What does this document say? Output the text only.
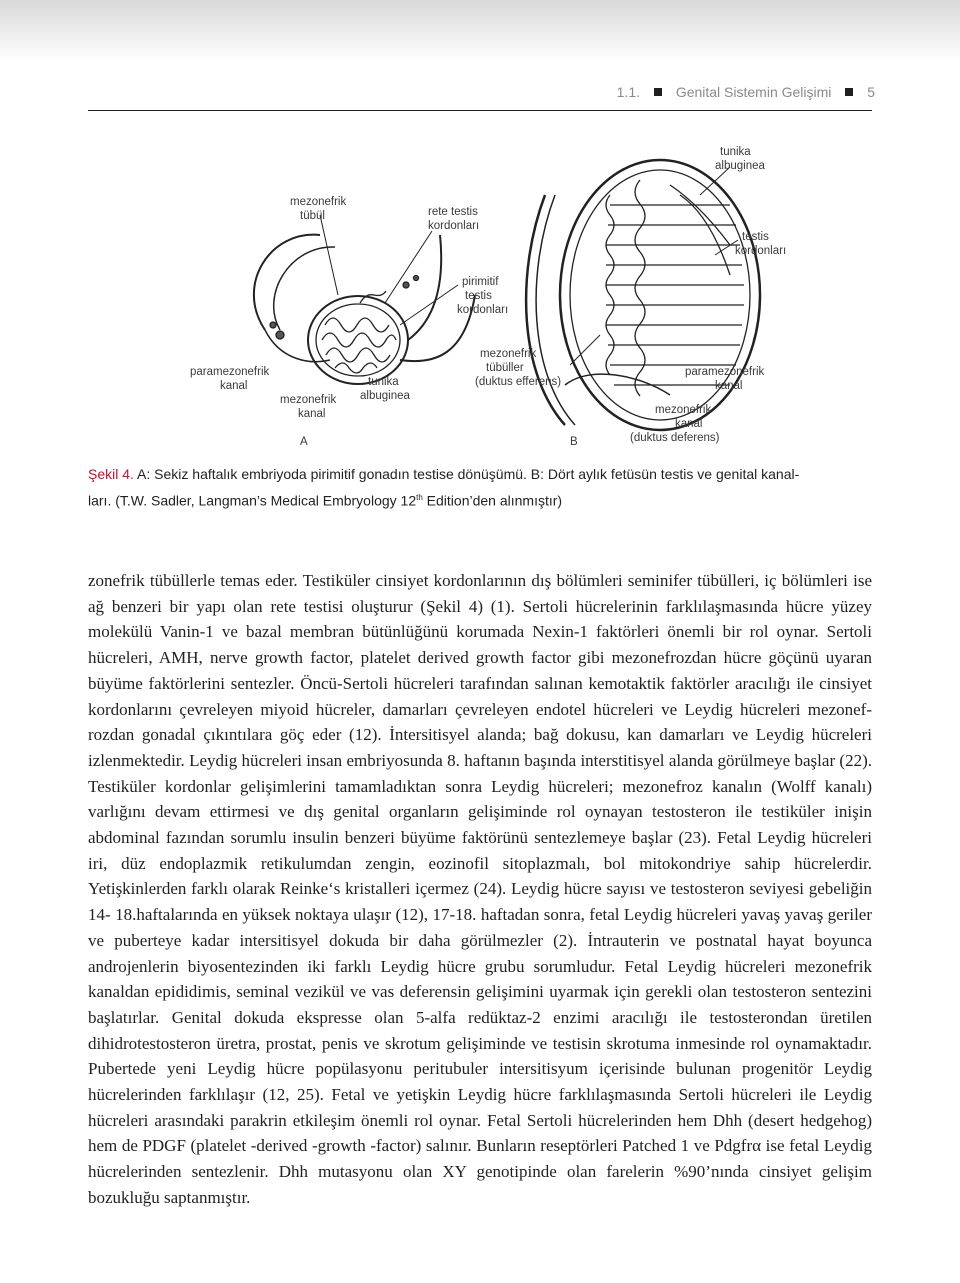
1.1.	Genital Sistemin Gelişimi	5
mezonefrik tübül	rete testis kordonları
pirimitif testis kordonları
paramezonefrik kanal	tunika albuginea
mezonefrik kanal
A
tunika albuginea
testis kordonları
mezonefrik tübüller (duktus efferens)
paramezonefrik kanal
mezonefrik kanal (duktus deferens)
B
Şekil 4. A: Sekiz haftalık embriyoda pirimitif gonadın testise dönüşümü. B: Dört aylık fetüsün testis ve genital kanal-
ları. (T.W. Sadler, Langman’s Medical Embryology 12th Edition’den alınmıştır)

zonefrik tübüllerle temas eder. Testiküler cinsiyet kordonlarının dış bölümleri seminifer tübülleri, iç bölümleri ise ağ benzeri bir yapı olan rete testisi oluşturur (Şekil 4) (1). Sertoli hücrelerinin farklılaşmasında hücre yüzey molekülü Vanin-1 ve bazal membran bütünlüğünü korumada Nexin-1 faktörleri önemli bir rol oynar. Sertoli hücreleri, AMH, nerve growth factor, platelet derived growth factor gibi mezonefrozdan hücre göçünü uyaran büyüme faktörlerini sentezler. Öncü-Sertoli hücreleri tarafından salınan kemotaktik faktörler aracılığı ile cinsiyet kordonlarını çevreleyen miyoid hücreler, damarları çevreleyen endotel hücreleri ve Leydig hücreleri mezonefrozdan gonadal çıkıntılara göç eder (12). İntersitisyel alanda; bağ dokusu, kan damarları ve Leydig hücreleri izlenmektedir. Leydig hücreleri insan embriyosunda 8. haftanın başında interstitisyel alanda görülmeye başlar (22). Testiküler kordonlar gelişimlerini tamamladıktan sonra Leydig hücreleri; mezonefroz kanalın (Wolff kanalı) varlığını devam ettirmesi ve dış genital organların gelişiminde rol oynayan testosteron ile testiküler inişin abdominal fazından sorumlu insulin benzeri büyüme faktörünü sentezlemeye başlar (23). Fetal Leydig hücreleri iri, düz endoplazmik retikulumdan zengin, eozinofil sitoplazmalı, bol mitokondriye sahip hücrelerdir. Yetişkinlerden farklı olarak Reinke‘s kristalleri içermez (24). Leydig hücre sayısı ve testosteron seviyesi gebeliğin 14- 18.haftalarında en yüksek noktaya ulaşır (12), 17-18. haftadan sonra, fetal Leydig hücreleri yavaş yavaş geriler ve puberteye kadar intersitisyel dokuda bir daha görülmezler (2). İntrauterin ve postnatal hayat boyunca androjenlerin biyosentezinden iki farklı Leydig hücre grubu sorumludur. Fetal Leydig hücreleri mezonefrik kanaldan epididimis, seminal vezikül ve vas deferensin gelişimini uyarmak için gerekli olan testosteron sentezini başlatırlar. Genital dokuda ekspresse olan 5-alfa redüktaz-2 enzimi aracılığı ile testosterondan üretilen dihidrotestosteron üretra, prostat, penis ve skrotum gelişiminde ve testisin skrotuma inmesinde rol oynamaktadır. Pubertede yeni Leydig hücre popülasyonu peritubuler intersitisyum içerisinde bulunan progenitör Leydig hücrelerinden farklılaşır (12, 25). Fetal ve yetişkin Leydig hücre farklılaşmasında Sertoli hücreleri ile Leydig hücreleri arasındaki parakrin etkileşim önemli rol oynar. Fetal Sertoli hücrelerinden hem Dhh (desert hedgehog) hem de PDGF (platelet -derived -growth -factor) salınır. Bunların reseptörleri Patched 1 ve Pdgfrα ise fetal Leydig hücrelerinden sentezlenir. Dhh mutasyonu olan XY genotipinde olan farelerin %90’nında cinsiyet gelişim bozukluğu saptanmıştır.
